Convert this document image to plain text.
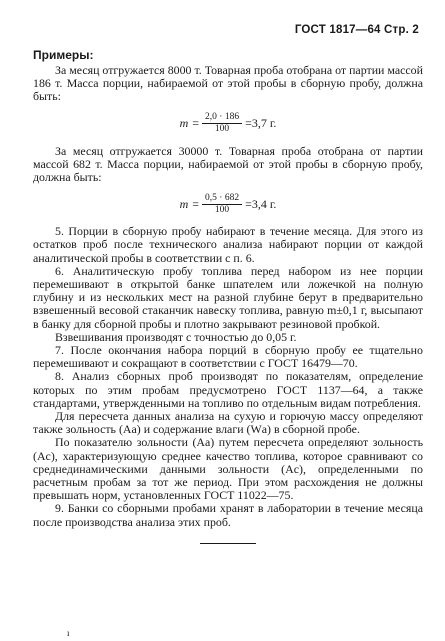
ГОСТ 1817—64 Стр. 2
Примеры:

За месяц отгружается 8000 т. Товарная проба отобрана от партии массой 186 т. Масса порции, набираемой от этой пробы в сборную пробу, должна быть:

$m = \frac{2,0 \cdot 186}{100} =3,7$ г.

За месяц отгружается 30000 т. Товарная проба отобрана от партии массой 682 т. Масса порции, набираемой от этой пробы в сборную пробу, должна быть:

$m = \frac{0,5 \cdot 682}{100} =3,4$ г.

5. Порции в сборную пробу набирают в течение месяца. Для этого из остатков проб после технического анализа набирают порции от каждой аналитической пробы в соответствии с п. 6.

6. Аналитическую пробу топлива перед набором из нее порции перемешивают в открытой банке шпателем или ложечкой на полную глубину и из нескольких мест на разной глубине берут в предварительно взвешенный весовой стаканчик навеску топлива, равную m±0,1 г, высыпают в банку для сборной пробы и плотно закрывают резиновой пробкой.

Взвешивания производят с точностью до 0,05 г.

7. После окончания набора порций в сборную пробу ее тщательно перемешивают и сокращают в соответствии с ГОСТ 16479—70.

8. Анализ сборных проб производят по показателям, определение которых по этим пробам предусмотрено ГОСТ 1137—64, а также стандартами, утвержденными на топливо по отдельным видам потребления.

Для пересчета данных анализа на сухую и горючую массу определяют также зольность (Aа) и содержание влаги (Wа) в сборной пробе.

По показателю зольности (Aа) путем пересчета определяют зольность (Aс), характеризующую среднее качество топлива, которое сравнивают со среднединамическими данными зольности (Aс), определенными по расчетным пробам за тот же период. При этом расхождения не должны превышать норм, установленных ГОСТ 11022—75.

9. Банки со сборными пробами хранят в лаборатории в течение месяца после производства анализа этих проб.

ı
